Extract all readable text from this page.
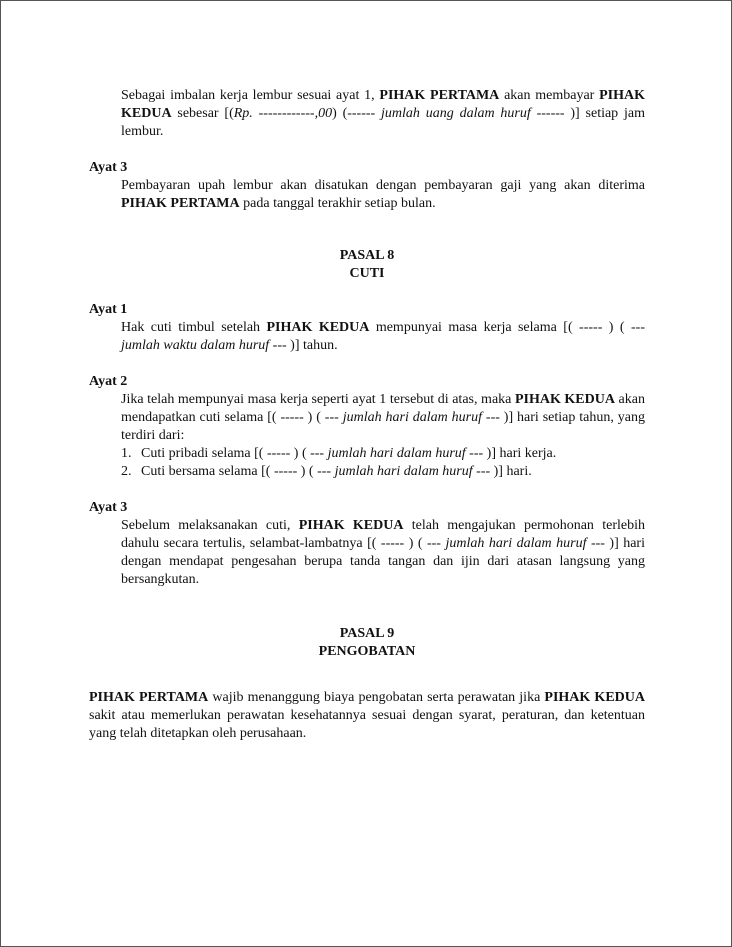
Sebagai imbalan kerja lembur sesuai ayat 1, PIHAK PERTAMA akan membayar PIHAK KEDUA sebesar [(Rp. ------------,00) (------ jumlah uang dalam huruf ------ )] setiap jam lembur.

Ayat 3

Pembayaran upah lembur akan disatukan dengan pembayaran gaji yang akan diterima PIHAK PERTAMA pada tanggal terakhir setiap bulan.

PASAL 8
CUTI
Ayat 1

Hak cuti timbul setelah PIHAK KEDUA mempunyai masa kerja selama [( ----- ) ( --- jumlah waktu dalam huruf --- )] tahun.

Ayat 2

Jika telah mempunyai masa kerja seperti ayat 1 tersebut di atas, maka PIHAK KEDUA akan mendapatkan cuti selama [( ----- ) ( --- jumlah hari dalam huruf --- )] hari setiap tahun, yang terdiri dari:

1. Cuti pribadi selama [( ----- ) ( --- jumlah hari dalam huruf --- )] hari kerja.
2. Cuti bersama selama [( ----- ) ( --- jumlah hari dalam huruf --- )] hari.
Ayat 3

Sebelum melaksanakan cuti, PIHAK KEDUA telah mengajukan permohonan terlebih dahulu secara tertulis, selambat-lambatnya [( ----- ) ( --- jumlah hari dalam huruf --- )] hari dengan mendapat pengesahan berupa tanda tangan dan ijin dari atasan langsung yang bersangkutan.

PASAL 9
PENGOBATAN

PIHAK PERTAMA wajib menanggung biaya pengobatan serta perawatan jika PIHAK KEDUA sakit atau memerlukan perawatan kesehatannya sesuai dengan syarat, peraturan, dan ketentuan yang telah ditetapkan oleh perusahaan.
